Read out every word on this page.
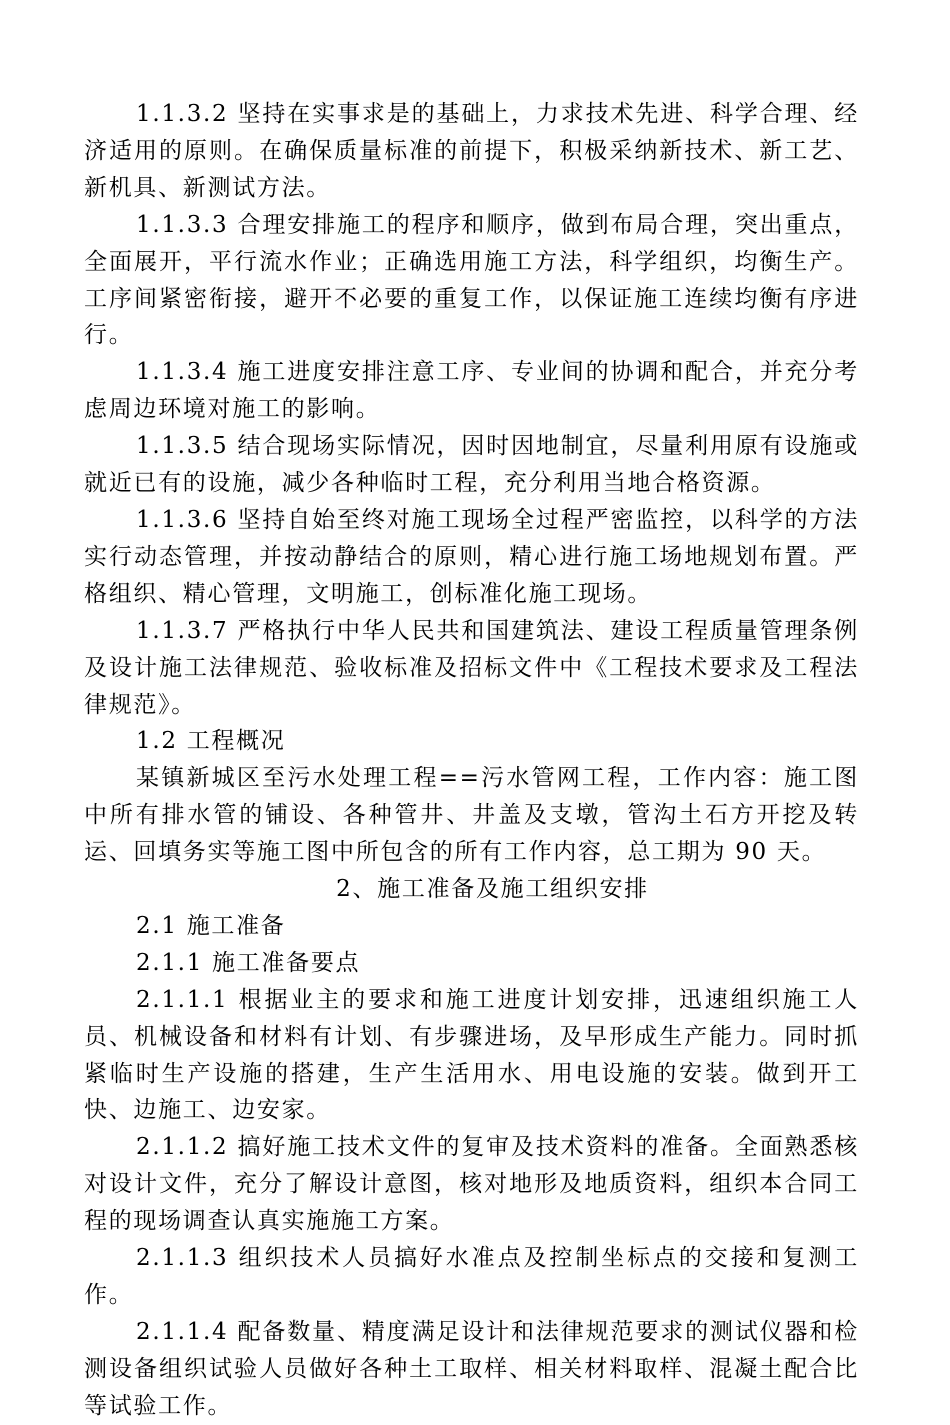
1.1.3.2 坚持在实事求是的基础上，力求技术先进、科学合理、经济适用的原则。在确保质量标准的前提下，积极采纳新技术、新工艺、新机具、新测试方法。

1.1.3.3 合理安排施工的程序和顺序，做到布局合理，突出重点，全面展开，平行流水作业；正确选用施工方法，科学组织，均衡生产。工序间紧密衔接，避开不必要的重复工作，以保证施工连续均衡有序进行。

1.1.3.4 施工进度安排注意工序、专业间的协调和配合，并充分考虑周边环境对施工的影响。

1.1.3.5 结合现场实际情况，因时因地制宜，尽量利用原有设施或就近已有的设施，减少各种临时工程，充分利用当地合格资源。

1.1.3.6 坚持自始至终对施工现场全过程严密监控，以科学的方法实行动态管理，并按动静结合的原则，精心进行施工场地规划布置。严格组织、精心管理，文明施工，创标准化施工现场。

1.1.3.7 严格执行中华人民共和国建筑法、建设工程质量管理条例及设计施工法律规范、验收标准及招标文件中《工程技术要求及工程法律规范》。

1.2 工程概况

某镇新城区至污水处理工程==污水管网工程，工作内容：施工图中所有排水管的铺设、各种管井、井盖及支墩，管沟土石方开挖及转运、回填务实等施工图中所包含的所有工作内容，总工期为 90 天。

2、施工准备及施工组织安排

2.1 施工准备

2.1.1 施工准备要点

2.1.1.1 根据业主的要求和施工进度计划安排，迅速组织施工人员、机械设备和材料有计划、有步骤进场，及早形成生产能力。同时抓紧临时生产设施的搭建，生产生活用水、用电设施的安装。做到开工快、边施工、边安家。

2.1.1.2 搞好施工技术文件的复审及技术资料的准备。全面熟悉核对设计文件，充分了解设计意图，核对地形及地质资料，组织本合同工程的现场调查认真实施施工方案。

2.1.1.3 组织技术人员搞好水准点及控制坐标点的交接和复测工作。

2.1.1.4 配备数量、精度满足设计和法律规范要求的测试仪器和检测设备组织试验人员做好各种土工取样、相关材料取样、混凝土配合比等试验工作。
